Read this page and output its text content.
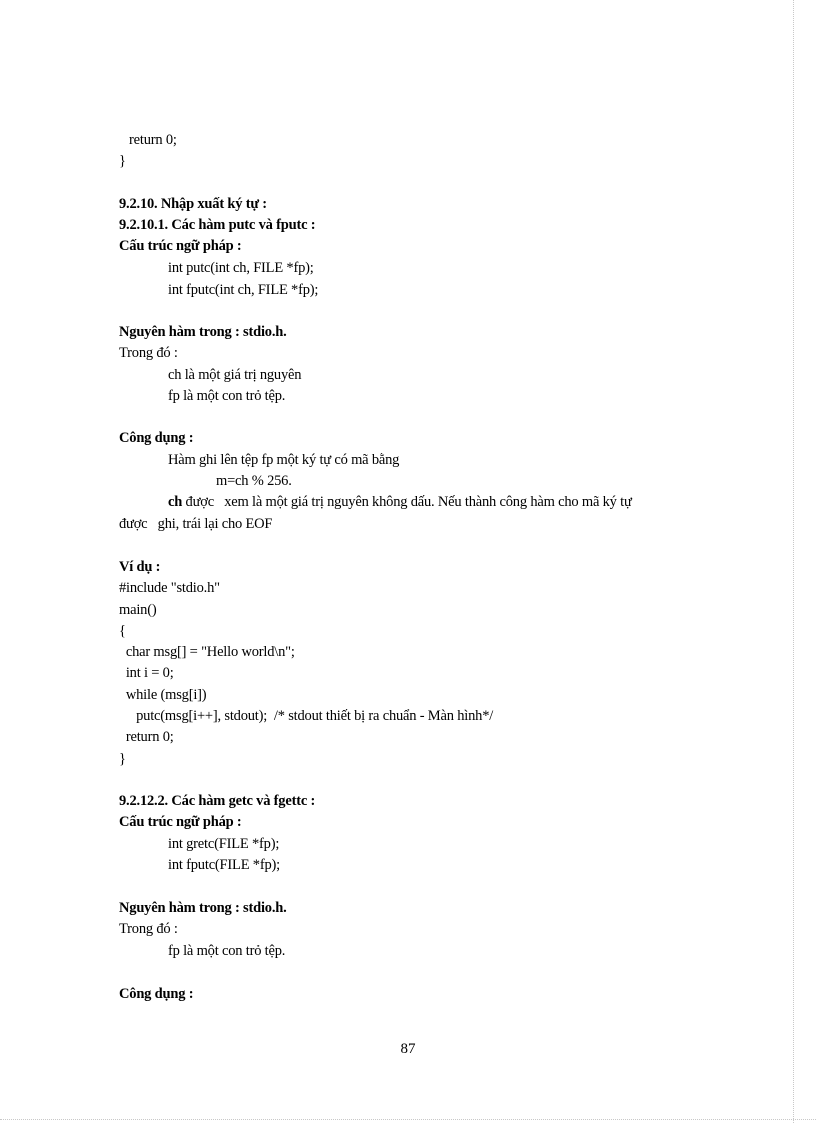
return 0;
}
9.2.10. Nhập xuất ký tự :
9.2.10.1. Các hàm putc và fputc :
Cấu trúc ngữ pháp :
int putc(int ch, FILE *fp);
int fputc(int ch, FILE *fp);
Nguyên hàm trong : stdio.h.
Trong đó :
ch là một giá trị nguyên
fp là một con trỏ tệp.
Công dụng :
Hàm ghi lên tệp fp một ký tự có mã bằng
m=ch % 256.
ch được   xem là một giá trị nguyên không dấu. Nếu thành công hàm cho mã ký tự
được   ghi, trái lại cho EOF
Ví dụ :
#include "stdio.h"
main()
{
char msg[] = "Hello world\n";
int i = 0;
while (msg[i])
putc(msg[i++], stdout);  /* stdout thiết bị ra chuẩn - Màn hình*/
return 0;
}
9.2.12.2. Các hàm getc và fgettc :
Cấu trúc ngữ pháp :
int gretc(FILE *fp);
int fputc(FILE *fp);
Nguyên hàm trong : stdio.h.
Trong đó :
fp là một con trỏ tệp.
Công dụng :
87
